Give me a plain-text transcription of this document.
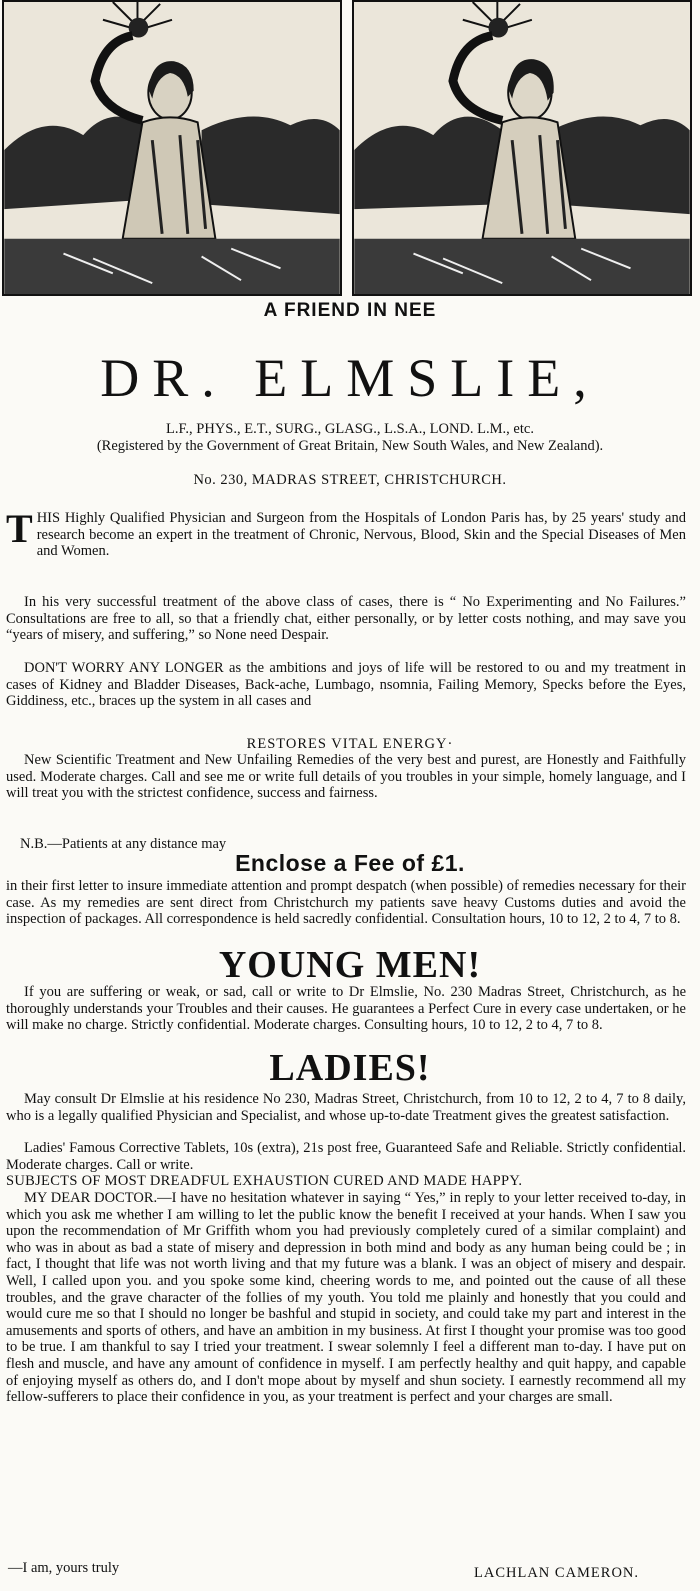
A FRIEND IN NEE
DR. ELMSLIE,
L.F., PHYS., E.T., SURG., GLASG., L.S.A., LOND. L.M., etc.
(Registered by the Government of Great Britain, New South Wales, and New Zealand).
No. 230, MADRAS STREET, CHRISTCHURCH.
THIS Highly Qualified Physician and Surgeon from the Hospitals of London Paris has, by 25 years' study and research become an expert in the treatment of Chronic, Nervous, Blood, Skin and the Special Diseases of Men and Women.
In his very successful treatment of the above class of cases, there is “ No Experimenting and No Failures.” Consultations are free to all, so that a friendly chat, either personally, or by letter costs nothing, and may save you “years of misery, and suffering,” so None need Despair.
DON'T WORRY ANY LONGER as the ambitions and joys of life will be restored to ou and my treatment in cases of Kidney and Bladder Diseases, Back-ache, Lumbago, nsomnia, Failing Memory, Specks before the Eyes, Giddiness, etc., braces up the system in all cases and
RESTORES VITAL ENERGY·
New Scientific Treatment and New Unfailing Remedies of the very best and purest, are Honestly and Faithfully used. Moderate charges. Call and see me or write full details of you troubles in your simple, homely language, and I will treat you with the strictest confidence, success and fairness.
N.B.—Patients at any distance may
Enclose a Fee of £1.
in their first letter to insure immediate attention and prompt despatch (when possible) of remedies necessary for their case. As my remedies are sent direct from Christchurch my patients save heavy Customs duties and avoid the inspection of packages. All correspondence is held sacredly confidential. Consultation hours, 10 to 12, 2 to 4, 7 to 8.
YOUNG MEN!
If you are suffering or weak, or sad, call or write to Dr Elmslie, No. 230 Madras Street, Christchurch, as he thoroughly understands your Troubles and their causes. He guarantees a Perfect Cure in every case undertaken, or he will make no charge. Strictly confidential. Moderate charges. Consulting hours, 10 to 12, 2 to 4, 7 to 8.
LADIES!
May consult Dr Elmslie at his residence No 230, Madras Street, Christchurch, from 10 to 12, 2 to 4, 7 to 8 daily, who is a legally qualified Physician and Specialist, and whose up-to-date Treatment gives the greatest satisfaction.
Ladies' Famous Corrective Tablets, 10s (extra), 21s post free, Guaranteed Safe and Reliable. Strictly confidential. Moderate charges. Call or write.
SUBJECTS OF MOST DREADFUL EXHAUSTION CURED AND MADE HAPPY.
MY DEAR DOCTOR.—I have no hesitation whatever in saying “ Yes,” in reply to your letter received to-day, in which you ask me whether I am willing to let the public know the benefit I received at your hands. When I saw you upon the recommendation of Mr Griffith whom you had previously completely cured of a similar complaint) and who was in about as bad a state of misery and depression in both mind and body as any human being could be ; in fact, I thought that life was not worth living and that my future was a blank. I was an object of misery and despair. Well, I called upon you. and you spoke some kind, cheering words to me, and pointed out the cause of all these troubles, and the grave character of the follies of my youth. You told me plainly and honestly that you could and would cure me so that I should no longer be bashful and stupid in society, and could take my part and interest in the amusements and sports of others, and have an ambition in my business. At first I thought your promise was too good to be true. I am thankful to say I tried your treatment. I swear solemnly I feel a different man to-day. I have put on flesh and muscle, and have any amount of confidence in myself. I am perfectly healthy and quit happy, and capable of enjoying myself as others do, and I don't mope about by myself and shun society. I earnestly recommend all my fellow-sufferers to place their confidence in you, as your treatment is perfect and your charges are small.
—I am, yours truly	LACHLAN CAMERON.
